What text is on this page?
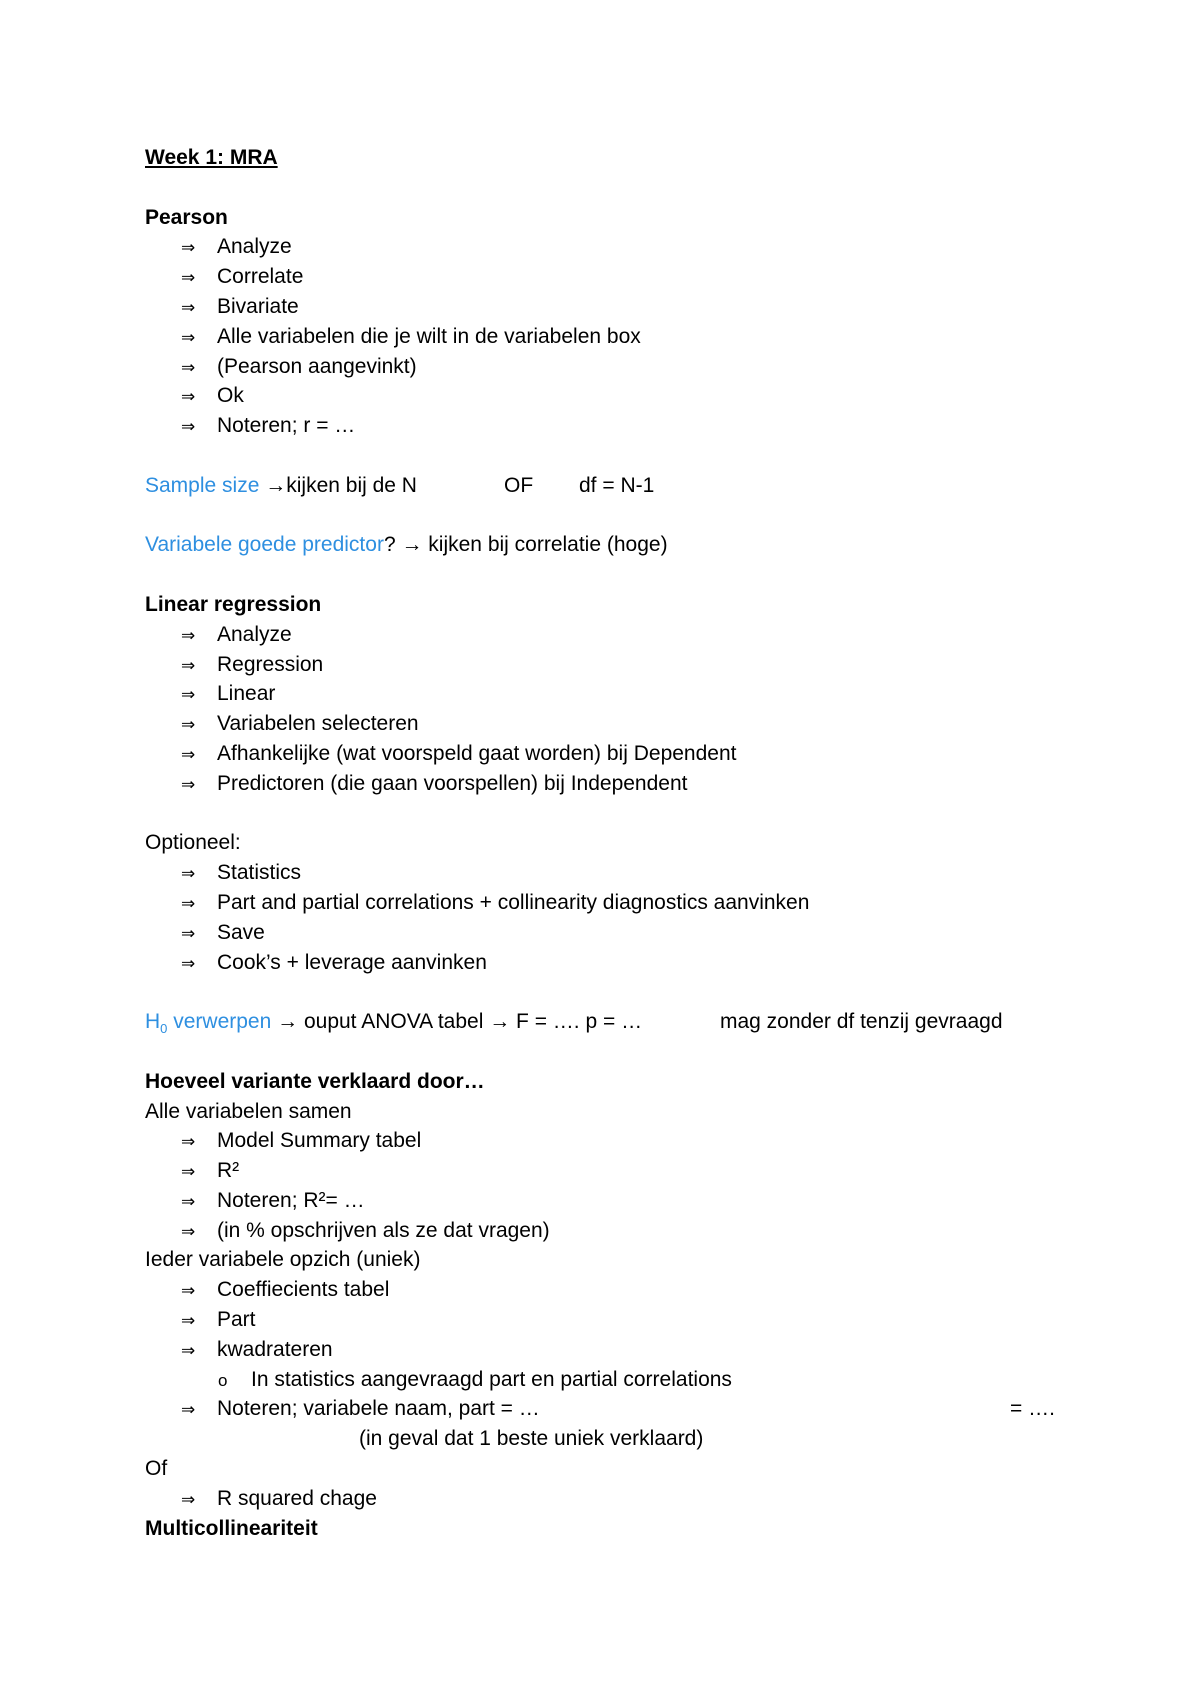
Week 1: MRA
Pearson
⇒ Analyze
⇒ Correlate
⇒ Bivariate
⇒ Alle variabelen die je wilt in de variabelen box
⇒ (Pearson aangevinkt)
⇒ Ok
⇒ Noteren; r = …
Sample size →kijken bij de N	OF df = N-1
Variabele goede predictor? → kijken bij correlatie (hoge)
Linear regression
⇒ Analyze
⇒ Regression
⇒ Linear
⇒ Variabelen selecteren
⇒ Afhankelijke (wat voorspeld gaat worden) bij Dependent
⇒ Predictoren (die gaan voorspellen) bij Independent
Optioneel:
⇒ Statistics
⇒ Part and partial correlations + collinearity diagnostics aanvinken
⇒ Save
⇒ Cook’s + leverage aanvinken
$H_0$ verwerpen → ouput ANOVA tabel → F = …. p = …	mag zonder df tenzij gevraagd
Hoeveel variante verklaard door…
Alle variabelen samen
⇒ Model Summary tabel
⇒ R²
⇒ Noteren; R²= …
⇒ (in % opschrijven als ze dat vragen)
Ieder variabele opzich (uniek)
⇒ Coeffiecients tabel
⇒ Part
⇒ kwadrateren
o In statistics aangevraagd part en partial correlations
⇒ Noteren; variabele naam, part = …	= ….
(in geval dat 1 beste uniek verklaard)
Of
⇒ R squared chage
Multicollineariteit
